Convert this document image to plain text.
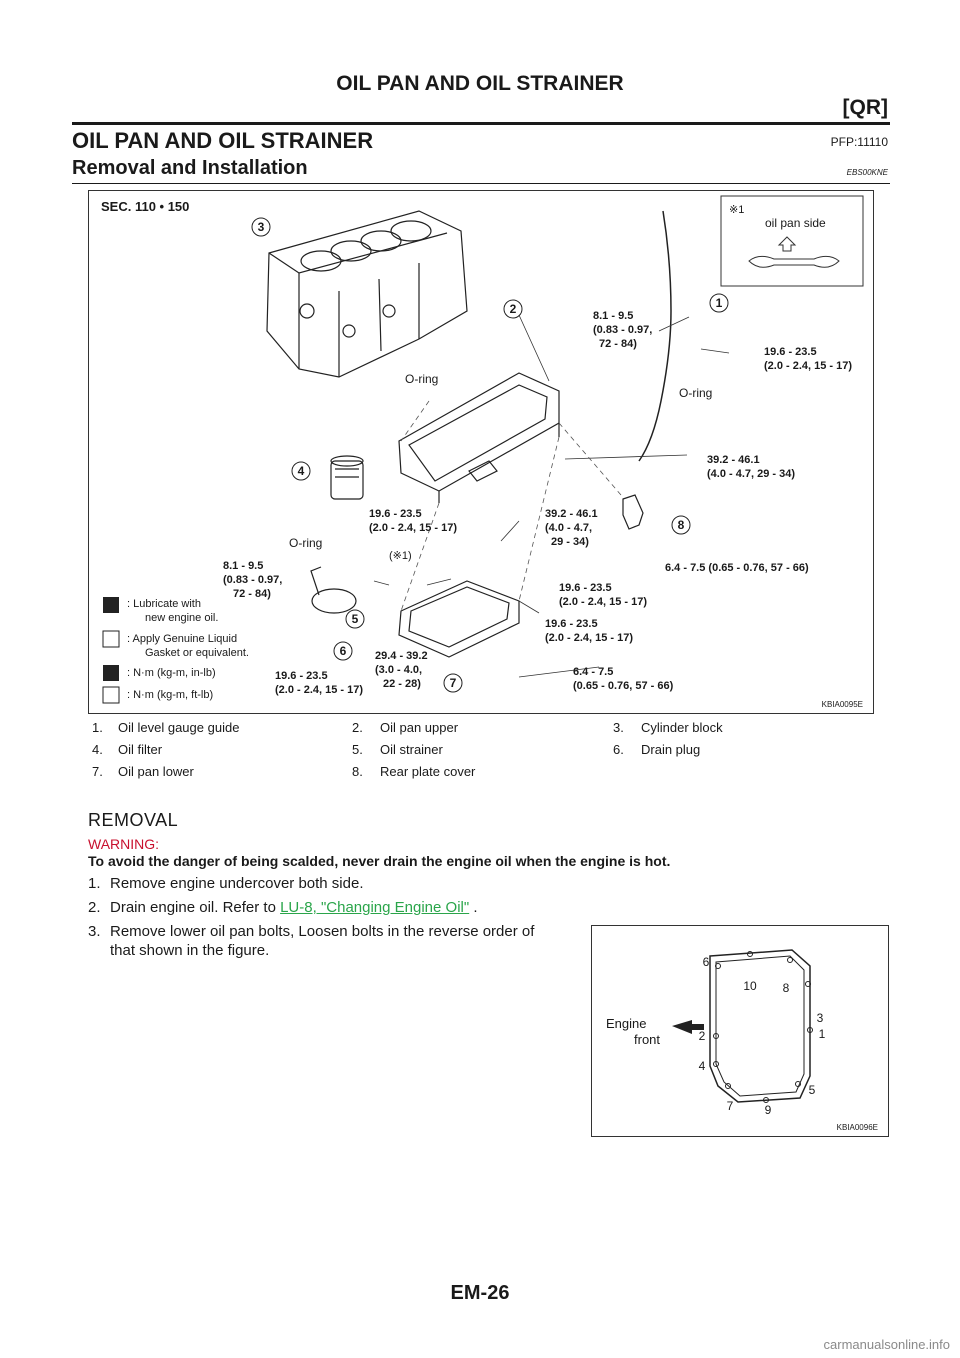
OIL PAN AND OIL STRAINER
[QR]
OIL PAN AND OIL STRAINER	PFP:11110
Removal and Installation	EBS00KNE
SEC. 110 • 150	※1
oil pan side
8.1 - 9.5
(0.83 - 0.97,
72 - 84)
19.6 - 23.5
(2.0 - 2.4, 15 - 17)
39.2 - 46.1
(4.0 - 4.7, 29 - 34)
19.6 - 23.5
(2.0 - 2.4, 15 - 17)
39.2 - 46.1
(4.0 - 4.7,
29 - 34)
6.4 - 7.5 (0.65 - 0.76, 57 - 66)
8.1 - 9.5
(0.83 - 0.97,
72 - 84)	19.6 - 23.5
(2.0 - 2.4, 15 - 17)
19.6 - 23.5
(2.0 - 2.4, 15 - 17)
19.6 - 23.5
(2.0 - 2.4, 15 - 17)
29.4 - 39.2
(3.0 - 4.0,
22 - 28)
6.4 - 7.5
(0.65 - 0.76, 57 - 66)
O-ring
O-ring
O-ring
(※1)
1
2
3
4
5
6
7
8
: Lubricate with
new engine oil.
: Apply Genuine Liquid
Gasket or equivalent.
: N·m (kg-m, in-lb)
: N·m (kg-m, ft-lb)
KBIA0095E
1. Oil level gauge guide	2. Oil pan upper	3. Cylinder block
4. Oil filter	5. Oil strainer	6. Drain plug
7. Oil pan lower	8. Rear plate cover
REMOVAL
WARNING:
To avoid the danger of being scalded, never drain the engine oil when the engine is hot.
1. Remove engine undercover both side.
2. Drain engine oil. Refer to LU-8, "Changing Engine Oil" .
3. Remove lower oil pan bolts, Loosen bolts in the reverse order of
that shown in the figure.
1
2
3
4
5
6
7
8
9
10
Engine
front
KBIA0096E
EM-26
carmanualsonline.info
